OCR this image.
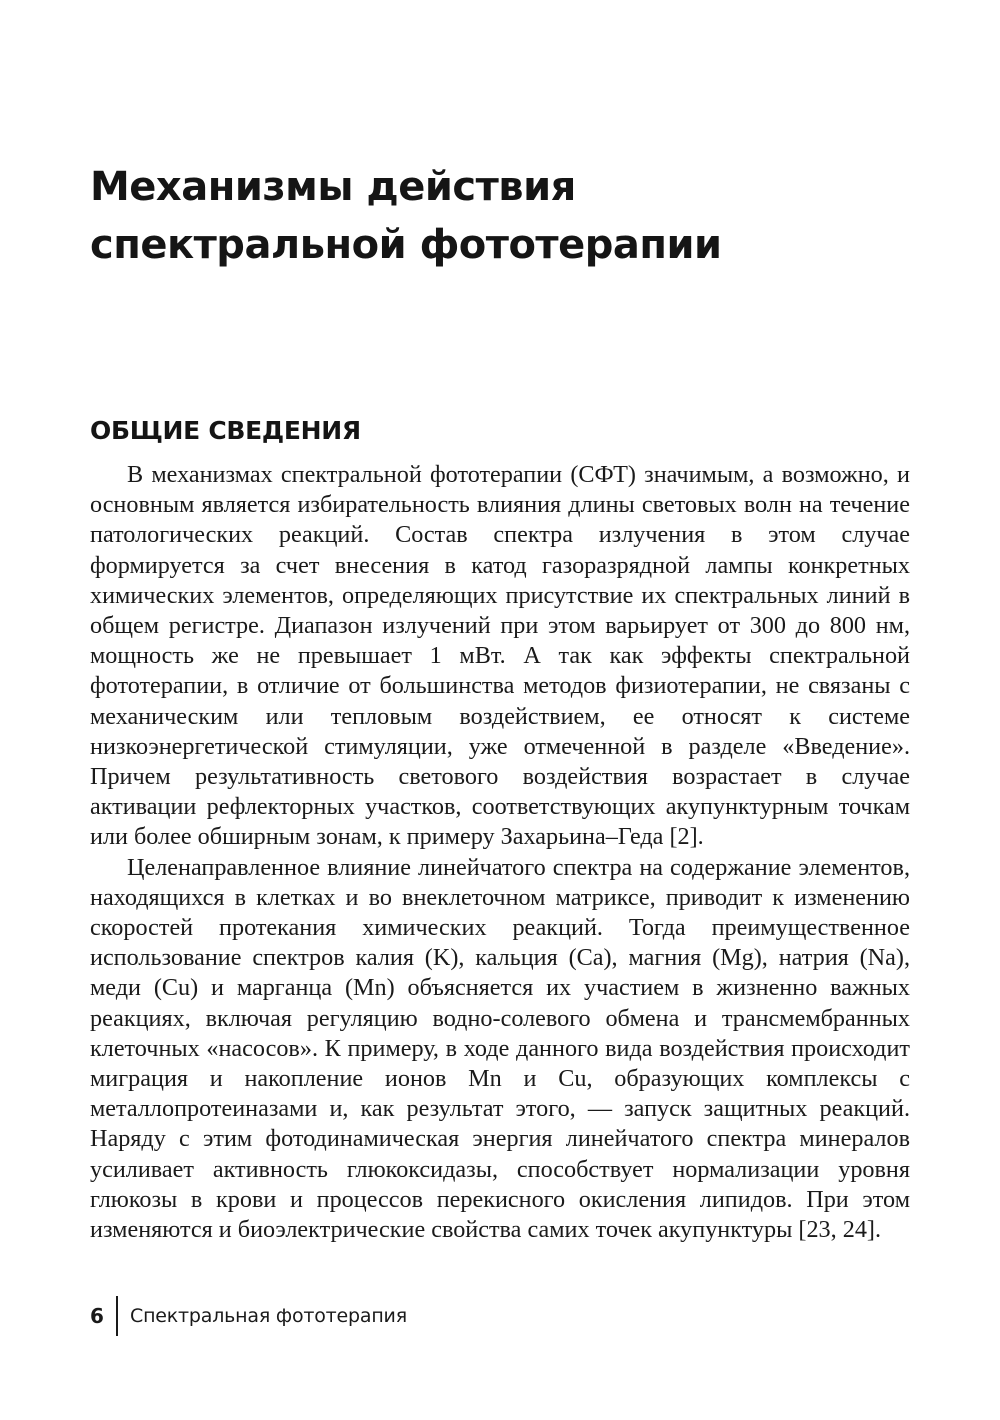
Механизмы действия
спектральной фототерапии
ОБЩИЕ СВЕДЕНИЯ

В механизмах спектральной фототерапии (СФТ) значимым, а возможно, и основным является избирательность влияния длины световых волн на течение патологических реакций. Состав спектра излучения в этом случае формируется за счет внесения в катод газоразрядной лампы конкретных химических элементов, определяющих присутствие их спектральных линий в общем регистре. Диапазон излучений при этом варьирует от 300 до 800 нм, мощность же не превышает 1 мВт. А так как эффекты спектральной фототерапии, в отличие от большинства методов физиотерапии, не связаны с механическим или тепловым воздействием, ее относят к системе низкоэнергетической стимуляции, уже отмеченной в разделе «Введение». Причем результативность светового воздействия возрастает в случае активации рефлекторных участков, соответствующих акупунктурным точкам или более обширным зонам, к примеру Захарьина–Геда [2].

Целенаправленное влияние линейчатого спектра на содержание элементов, находящихся в клетках и во внеклеточном матриксе, приводит к изменению скоростей протекания химических реакций. Тогда преимущественное использование спектров калия (K), кальция (Ca), магния (Mg), натрия (Na), меди (Cu) и марганца (Mn) объясняется их участием в жизненно важных реакциях, включая регуляцию водно-солевого обмена и трансмембранных клеточных «насосов». К примеру, в ходе данного вида воздействия происходит миграция и накопление ионов Mn и Cu, образующих комплексы с металлопротеиназами и, как результат этого, — запуск защитных реакций. Наряду с этим фотодинамическая энергия линейчатого спектра минералов усиливает активность глюкоксидазы, способствует нормализации уровня глюкозы в крови и процессов перекисного окисления липидов. При этом изменяются и биоэлектрические свойства самих точек акупунктуры [23, 24].

6	Спектральная фототерапия
